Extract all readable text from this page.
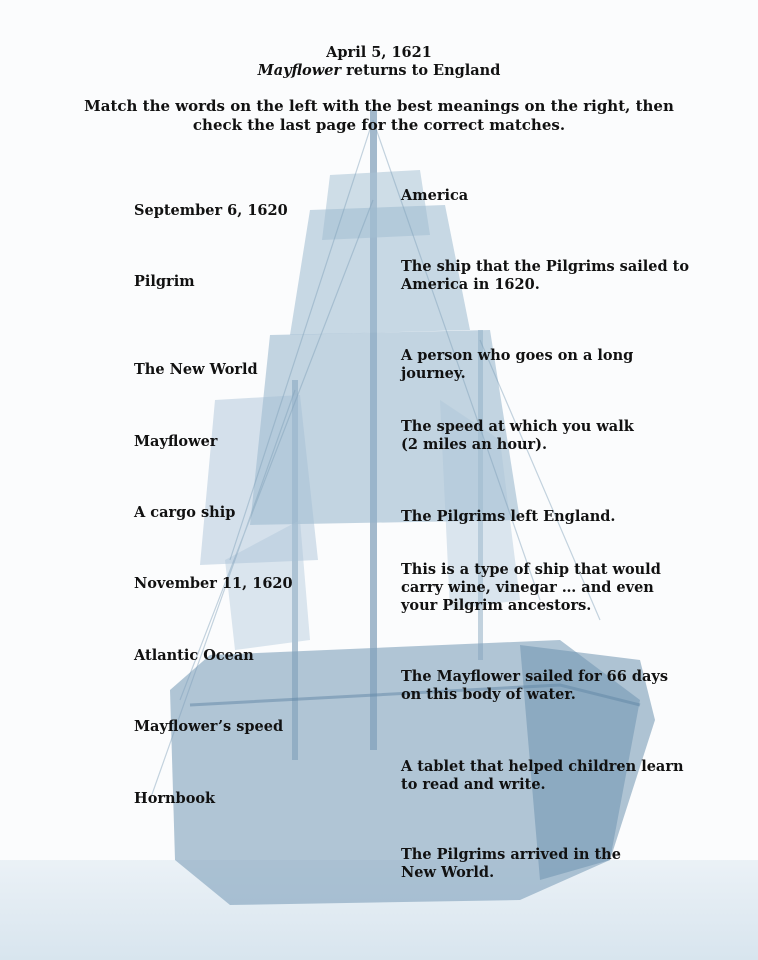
April 5, 1621
Mayflower returns to England
Match the words on the left with the best meanings on the right, then
check the last page for the correct matches.
September 6, 1620
Pilgrim
The New World
Mayflower
A cargo ship
November 11, 1620
Atlantic Ocean
Mayflower’s speed
Hornbook
America
The ship that the Pilgrims sailed to
America in 1620.
A person who goes on a long
journey.
The speed at which you walk
(2 miles an hour).
The Pilgrims left England.
This is a type of ship that would
carry wine, vinegar … and even
your Pilgrim ancestors.
The Mayflower sailed for 66 days
on this body of water.
A tablet that helped children learn
to read and write.
The Pilgrims arrived in the
New World.
